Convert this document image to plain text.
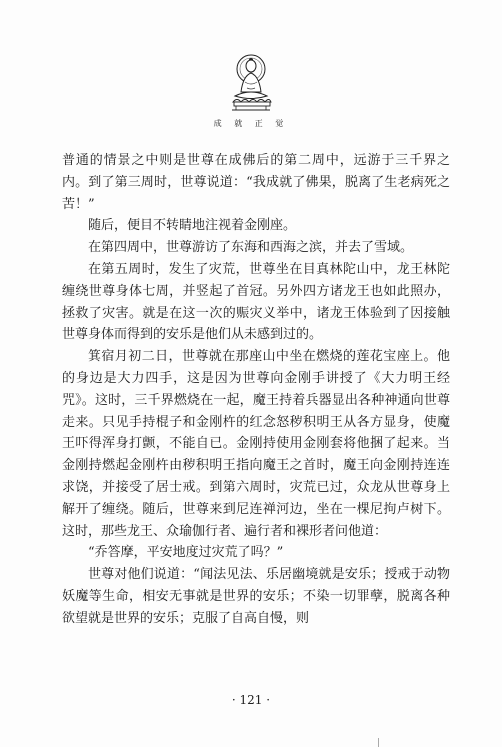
成 就 正 觉

普通的情景之中则是世尊在成佛后的第二周中，远游于三千界之内。到了第三周时，世尊说道：“我成就了佛果，脱离了生老病死之苦！”

随后，便目不转睛地注视着金刚座。

在第四周中，世尊游访了东海和西海之滨，并去了雪域。

在第五周时，发生了灾荒，世尊坐在目真林陀山中，龙王林陀缠绕世尊身体七周，并竖起了首冠。另外四方诸龙王也如此照办，拯救了灾害。就是在这一次的赈灾义举中，诸龙王体验到了因接触世尊身体而得到的安乐是他们从未感到过的。

箕宿月初二日，世尊就在那座山中坐在燃烧的莲花宝座上。他的身边是大力四手，这是因为世尊向金刚手讲授了《大力明王经咒》。这时，三千界燃烧在一起，魔王持着兵器显出各种神通向世尊走来。只见手持棍子和金刚杵的红念怒秽积明王从各方显身，使魔王吓得浑身打颤，不能自已。金刚持使用金刚套将他捆了起来。当金刚持燃起金刚杵由秽积明王指向魔王之首时，魔王向金刚持连连求饶，并接受了居士戒。到第六周时，灾荒已过，众龙从世尊身上解开了缠绕。随后，世尊来到尼连禅河边，坐在一棵尼拘卢树下。这时，那些龙王、众瑜伽行者、遍行者和裸形者问他道：

“乔答摩，平安地度过灾荒了吗？”

世尊对他们说道：“闻法见法、乐居幽境就是安乐；授戒于动物妖魔等生命，相安无事就是世界的安乐；不染一切罪孽，脱离各种欲望就是世界的安乐；克服了自高自慢，则

· 121 ·
